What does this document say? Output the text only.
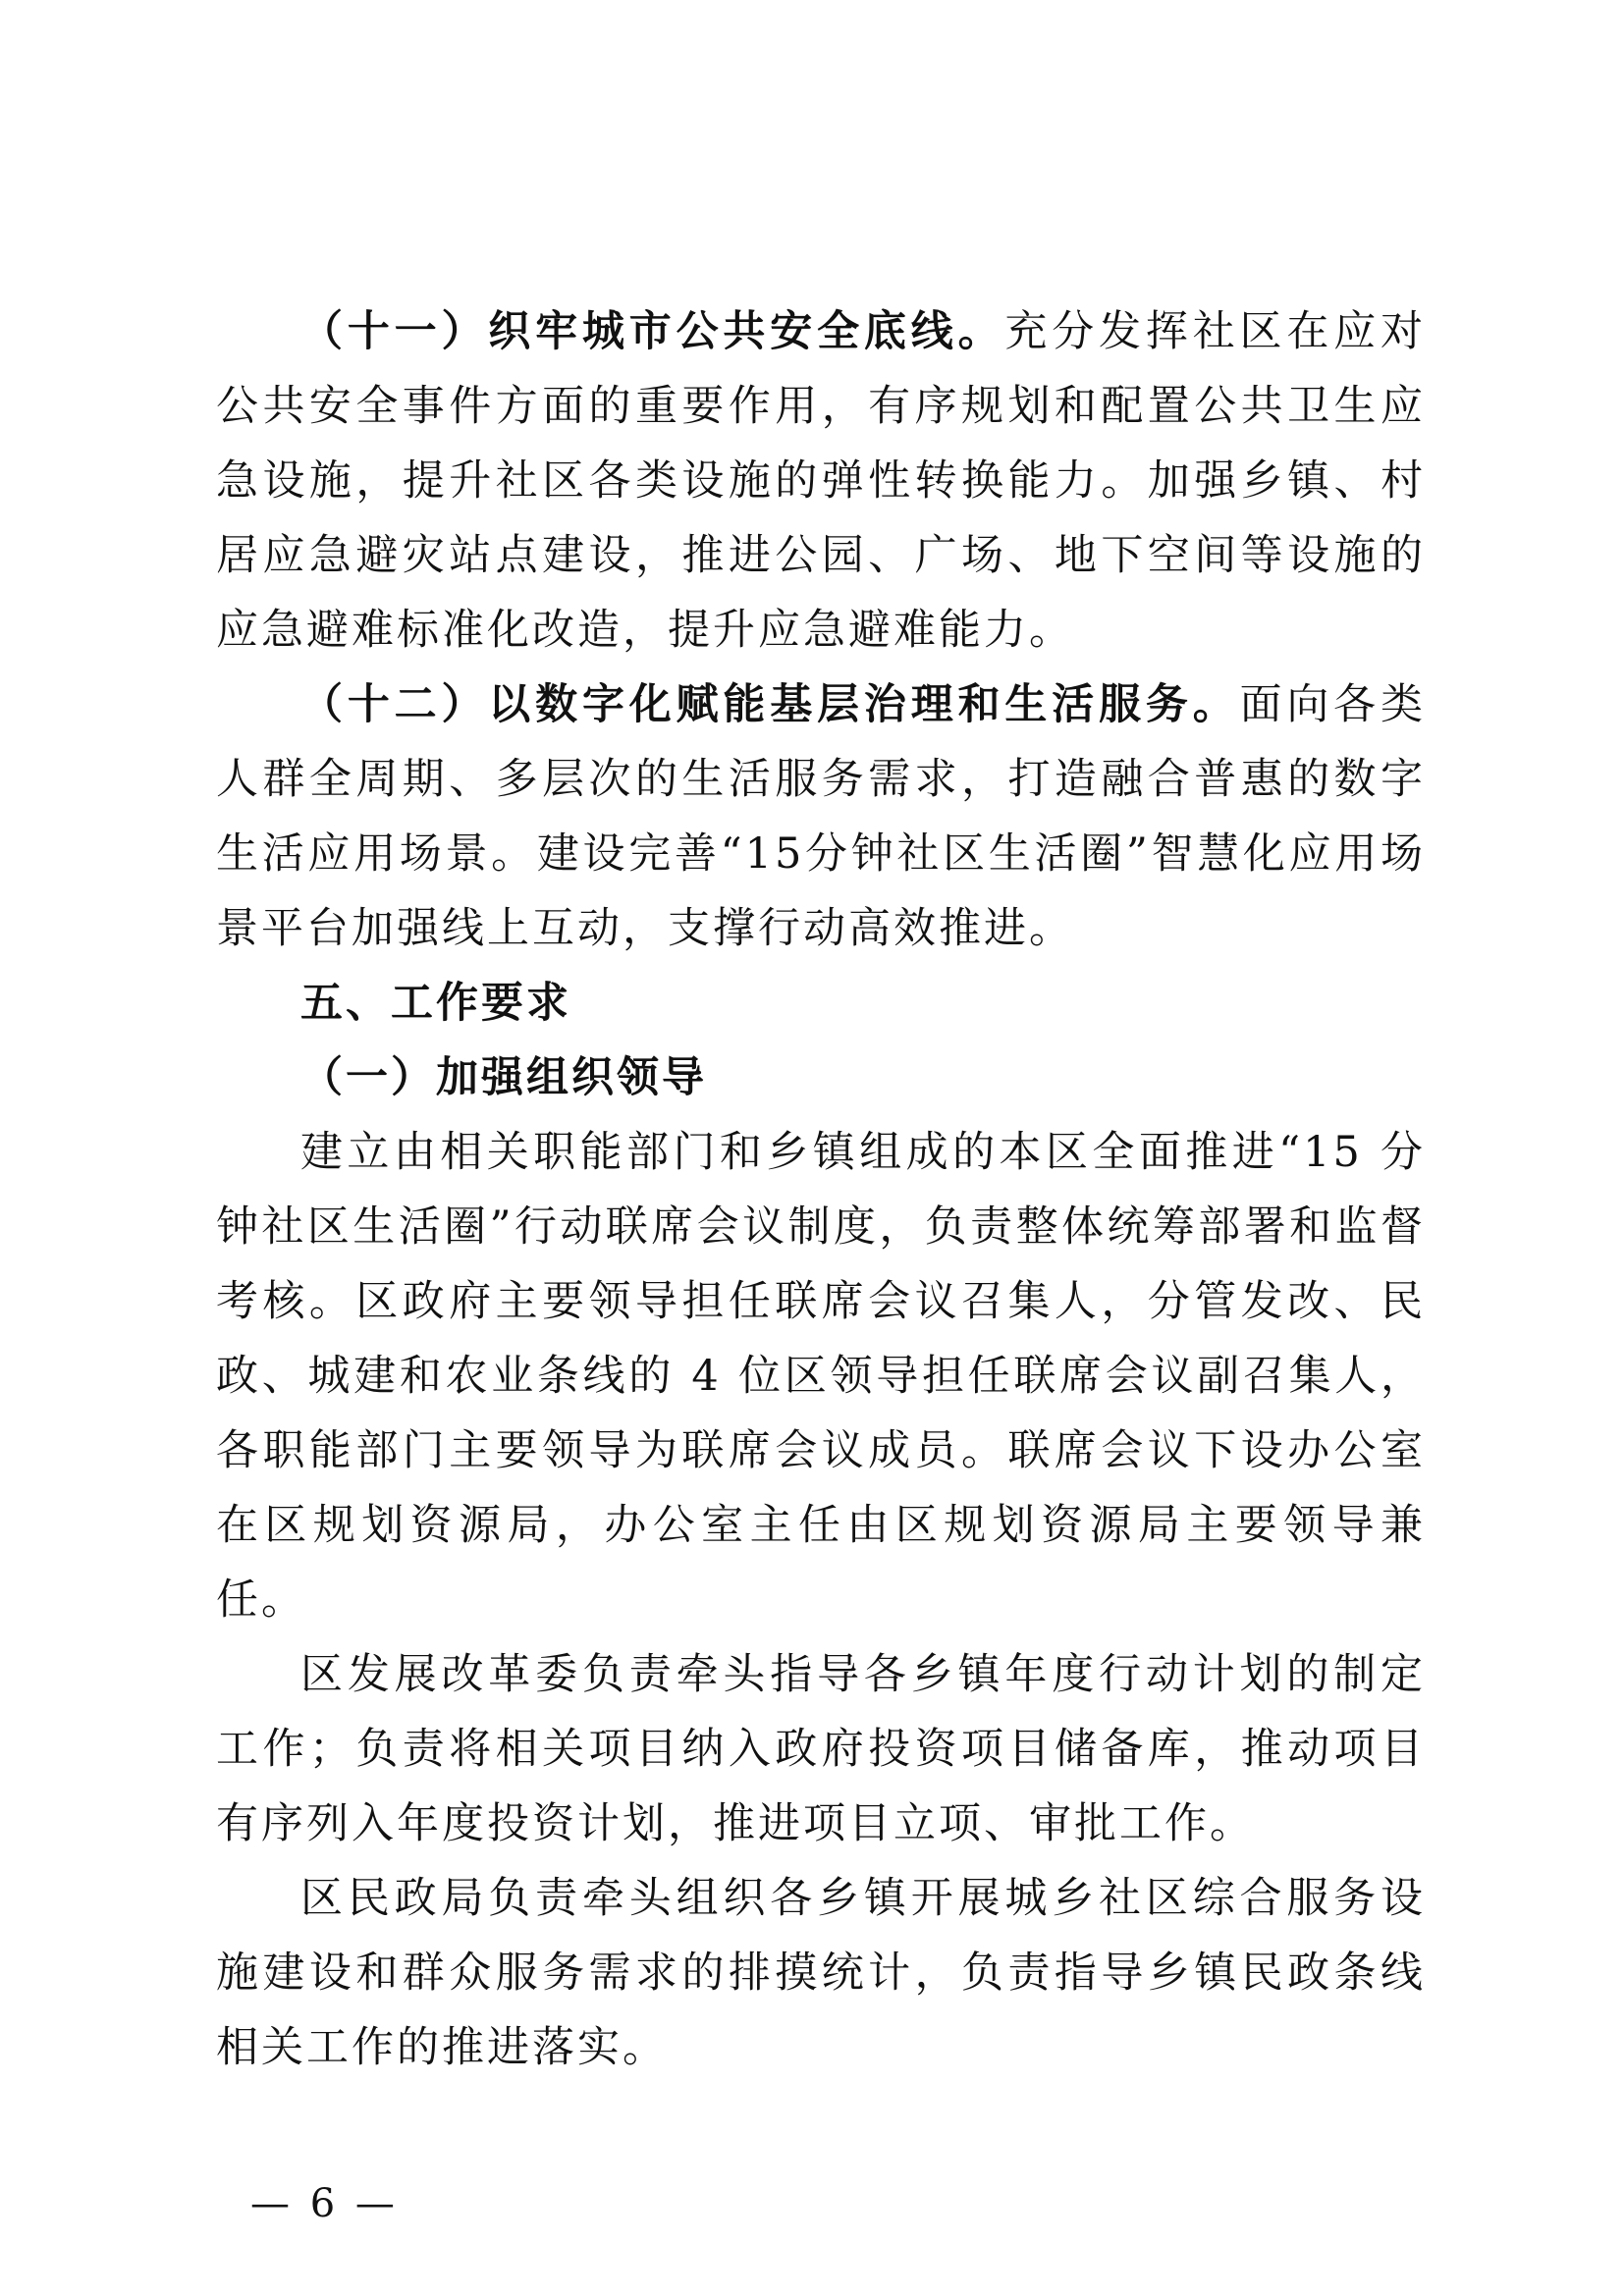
（十一）织牢城市公共安全底线。充分发挥社区在应对公共安全事件方面的重要作用，有序规划和配置公共卫生应急设施，提升社区各类设施的弹性转换能力。加强乡镇、村居应急避灾站点建设，推进公园、广场、地下空间等设施的应急避难标准化改造，提升应急避难能力。

（十二）以数字化赋能基层治理和生活服务。面向各类人群全周期、多层次的生活服务需求，打造融合普惠的数字生活应用场景。建设完善“15分钟社区生活圈”智慧化应用场景平台加强线上互动，支撑行动高效推进。

五、工作要求

（一）加强组织领导

建立由相关职能部门和乡镇组成的本区全面推进“15 分钟社区生活圈”行动联席会议制度，负责整体统筹部署和监督考核。区政府主要领导担任联席会议召集人，分管发改、民政、城建和农业条线的 4 位区领导担任联席会议副召集人，各职能部门主要领导为联席会议成员。联席会议下设办公室在区规划资源局，办公室主任由区规划资源局主要领导兼任。

区发展改革委负责牵头指导各乡镇年度行动计划的制定工作；负责将相关项目纳入政府投资项目储备库，推动项目有序列入年度投资计划，推进项目立项、审批工作。

区民政局负责牵头组织各乡镇开展城乡社区综合服务设施建设和群众服务需求的排摸统计，负责指导乡镇民政条线相关工作的推进落实。

— 6 —
